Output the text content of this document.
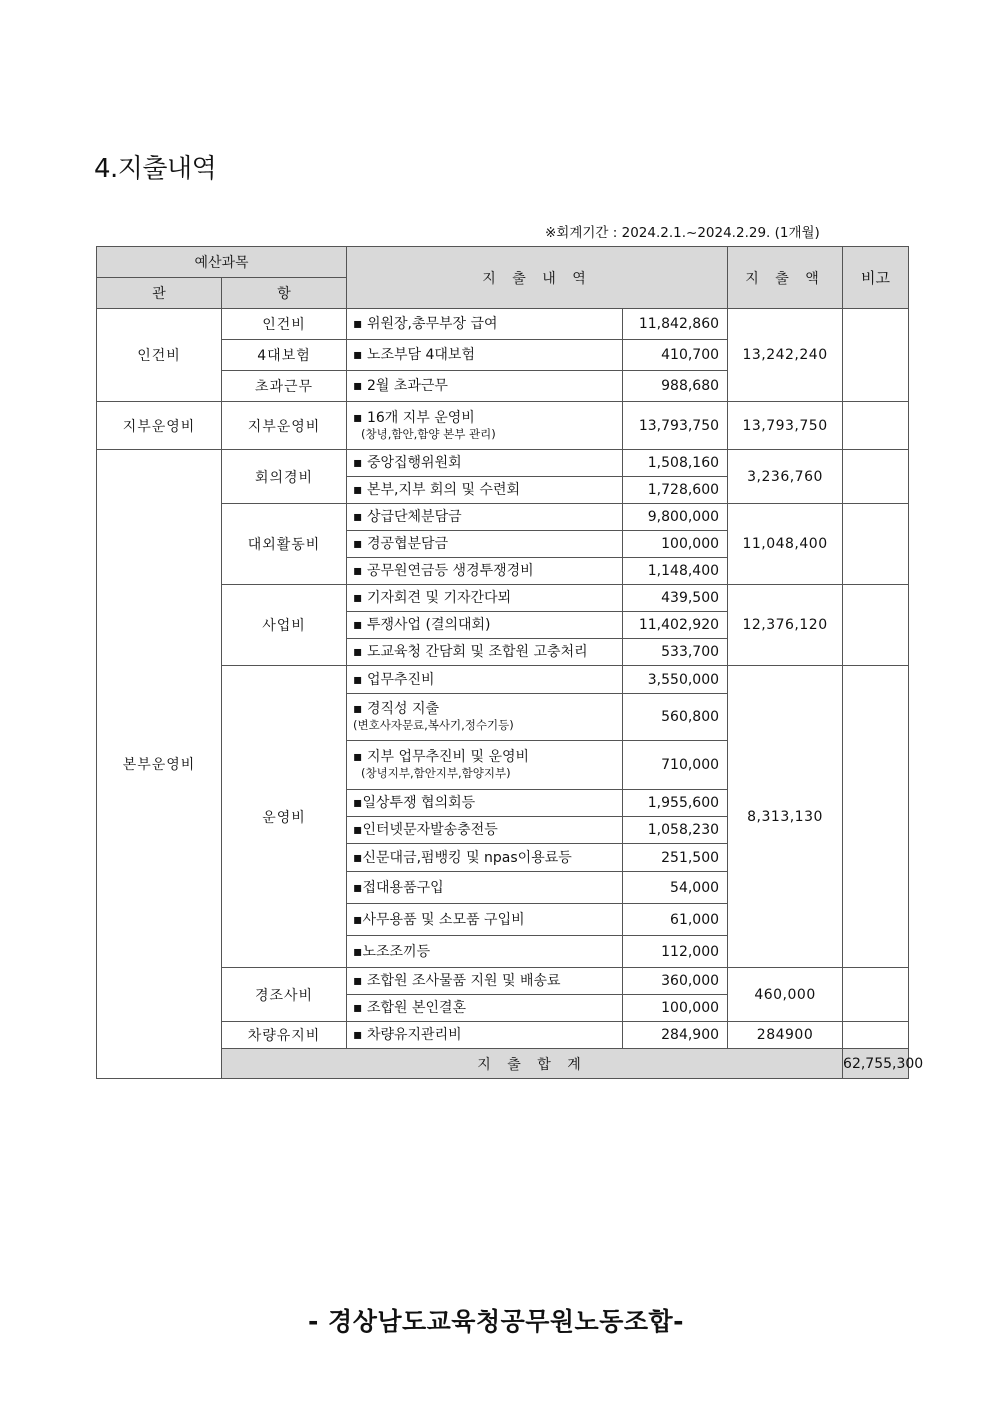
4.지출내역
※회계기간 : 2024.2.1.~2024.2.29. (1개월)
예산과목		지 출 내 역		지 출 액	비고	
관	항					
인건비	인건비	▪ 위원장,총무부장 급여	11,842,860	13,242,240		
	4대보험	▪ 노조부담 4대보험	410,700			
	초과근무	▪ 2월 초과근무	988,680			
지부운영비	지부운영비	▪ 16개 지부 운영비
(창녕,함안,함양 본부 관리)	13,793,750	13,793,750		
본부운영비	회의경비	▪ 중앙집행위원회	1,508,160	3,236,760		
		▪ 본부,지부 회의 및 수련회	1,728,600			
	대외활동비	▪ 상급단체분담금	9,800,000	11,048,400		
		▪ 경공협분담금	100,000			
		▪ 공무원연금등 생경투쟁경비	1,148,400			
	사업비	▪ 기자회견 및 기자간다뫼	439,500	12,376,120		
		▪ 투쟁사업 (결의대회)	11,402,920			
		▪ 도교육청 간담회 및 조합원 고충처리	533,700			
	운영비	▪ 업무추진비	3,550,000	8,313,130		
		▪ 경직성 지출
(변호사자문료,복사기,정수기등)	560,800			
		▪ 지부 업무추진비 및 운영비
(창녕지부,함안지부,함양지부)	710,000			
		▪일상투쟁 협의회등	1,955,600			
		▪인터넷문자발송충전등	1,058,230			
		▪신문대금,펌뱅킹 및 npas이용료등	251,500			
		▪접대용품구입	54,000			
		▪사무용품 및 소모품 구입비	61,000			
		▪노조조끼등	112,000			
	경조사비	▪ 조합원 조사물품 지원 및 배송료	360,000	460,000		
		▪ 조합원 본인결혼	100,000			
	차량유지비	▪ 차량유지관리비	284,900	284900		
	지 출 합 계				62,755,300	
- 경상남도교육청공무원노동조합-
